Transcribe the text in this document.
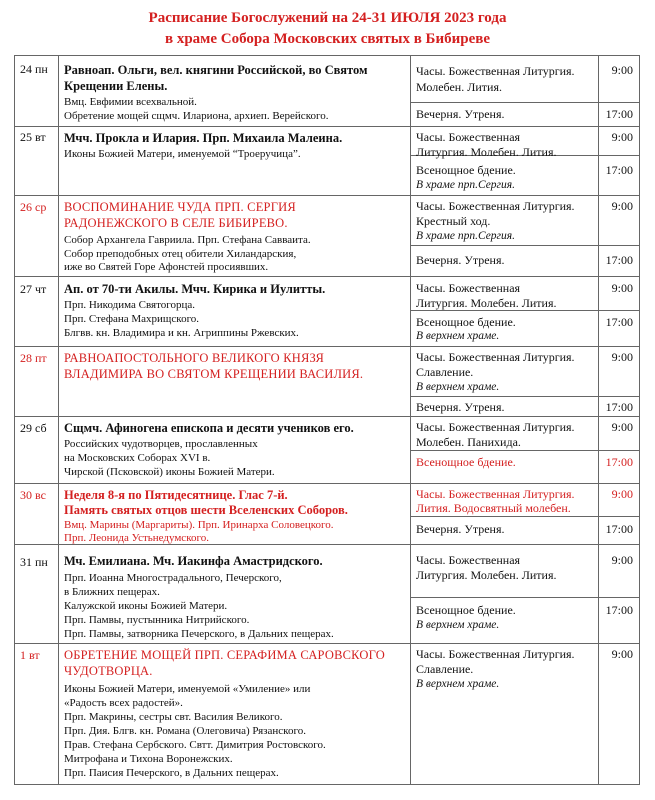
Расписание Богослужений на 24-31 ИЮЛЯ 2023 года
в храме Собора Московских святых в Бибиреве
24 пн Равноап. Ольги, вел. княгини Российской, во Святом
Крещении Елены.
Вмц. Евфимии всехвальной.
Обретение мощей сщмч. Илариона, архиеп. Верейского.
Часы. Божественная Литургия.
Молебен. Лития.
9:00
Вечерня. Утреня.	17:00
25 вт Мчч. Прокла и Илария. Прп. Михаила Малеина.
Иконы Божией Матери, именуемой “Троеручица”.
Часы. Божественная
Литургия. Молебен. Лития.
9:00
Всенощное бдение.
В храме прп.Сергия.
17:00
26 ср ВОСПОМИНАНИЕ ЧУДА ПРП. СЕРГИЯ
РАДОНЕЖСКОГО В СЕЛЕ БИБИРЕВО.
Собор Архангела Гавриила. Прп. Стефана Савваита.
Собор преподобных отец обители Хиландарския,
иже во Святей Горе Афонстей просиявших.
Часы. Божественная Литургия.
Крестный ход.
В храме прп.Сергия.
9:00
Вечерня. Утреня.	17:00
27 чт Ап. от 70-ти Акилы. Мчч. Кирика и Иулитты.
Прп. Никодима Святогорца.
Прп. Стефана Махрищского.
Блгвв. кн. Владимира и кн. Агриппины Ржевских.
Часы. Божественная
Литургия. Молебен. Лития.
9:00
Всенощное бдение.
В верхнем храме.
17:00
28 пт РАВНОАПОСТОЛЬНОГО ВЕЛИКОГО КНЯЗЯ
ВЛАДИМИРА ВО СВЯТОМ КРЕЩЕНИИ ВАСИЛИЯ.
Часы. Божественная Литургия.
Славление.
В верхнем храме.
9:00
Вечерня. Утреня.	17:00
29 сб Сщмч. Афиногена епископа и десяти учеников его.
Российских чудотворцев, прославленных
на Московских Соборах XVI в.
Чирской (Псковской) иконы Божией Матери.
Часы. Божественная Литургия.
Молебен. Панихида.
9:00
Всенощное бдение.	17:00
30 вс Неделя 8-я по Пятидесятнице. Глас 7-й.
Память святых отцов шести Вселенских Соборов.
Вмц. Марины (Маргариты). Прп. Иринарха Соловецкого.
Прп. Леонида Устьнедумского.
Часы. Божественная Литургия.
Лития. Водосвятный молебен.
9:00
Вечерня. Утреня.	17:00
31 пн Мч. Емилиана. Мч. Иакинфа Амастридского.
Прп. Иоанна Многострадального, Печерского,
в Ближних пещерах.
Калужской иконы Божией Матери.
Прп. Памвы, пустынника Нитрийского.
Прп. Памвы, затворника Печерского, в Дальних пещерах.
Часы. Божественная
Литургия. Молебен. Лития.
9:00
Всенощное бдение.
В верхнем храме.
17:00
1 вт ОБРЕТЕНИЕ МОЩЕЙ ПРП. СЕРАФИМА САРОВСКОГО
ЧУДОТВОРЦА.
Иконы Божией Матери, именуемой «Умиление» или
«Радость всех радостей».
Прп. Макрины, сестры свт. Василия Великого.
Прп. Дия. Блгв. кн. Романа (Олеговича) Рязанского.
Прав. Стефана Сербского. Свтт. Димитрия Ростовского.
Митрофана и Тихона Воронежских.
Прп. Паисия Печерского, в Дальних пещерах.
Часы. Божественная Литургия.
Славление.
В верхнем храме.
9:00
